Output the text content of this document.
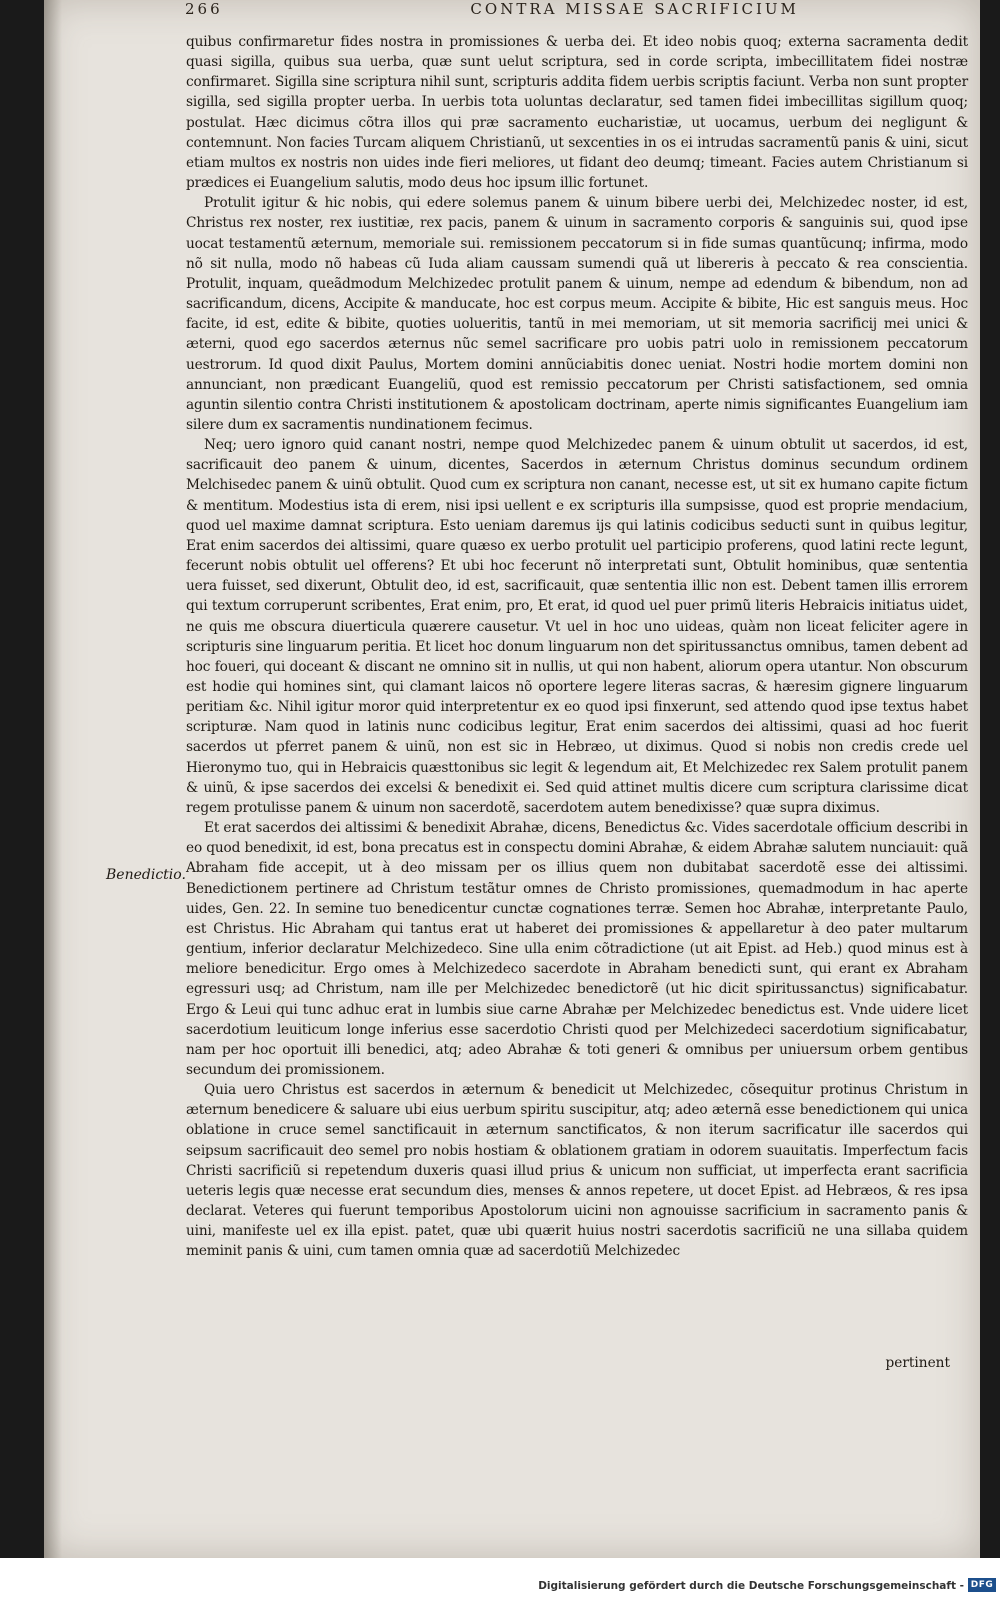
266	CONTRA MISSAE SACRIFICIUM

quibus confirmaretur fides nostra in promissiones & uerba dei. Et ideo nobis quoq; externa sacramenta dedit quasi sigilla, quibus sua uerba, quæ sunt uelut scriptura, sed in corde scripta, imbecillitatem fidei nostræ confirmaret. Sigilla sine scriptura nihil sunt, scripturis addita fidem uerbis scriptis faciunt. Verba non sunt propter sigilla, sed sigilla propter uerba. In uerbis tota uoluntas declaratur, sed tamen fidei imbecillitas sigillum quoq; postulat. Hæc dicimus cõtra illos qui præ sacramento eucharistiæ, ut uocamus, uerbum dei negligunt & contemnunt. Non facies Turcam aliquem Christianũ, ut sexcenties in os ei intrudas sacramentũ panis & uini, sicut etiam multos ex nostris non uides inde fieri meliores, ut fidant deo deumq; timeant. Facies autem Christianum si prædices ei Euangelium salutis, modo deus hoc ipsum illic fortunet.

Protulit igitur & hic nobis, qui edere solemus panem & uinum bibere uerbi dei, Melchizedec noster, id est, Christus rex noster, rex iustitiæ, rex pacis, panem & uinum in sacramento corporis & sanguinis sui, quod ipse uocat testamentũ æternum, memoriale sui. remissionem peccatorum si in fide sumas quantũcunq; infirma, modo nõ sit nulla, modo nõ habeas cũ Iuda aliam caussam sumendi quã ut libereris à peccato & rea conscientia. Protulit, inquam, queãdmodum Melchizedec protulit panem & uinum, nempe ad edendum & bibendum, non ad sacrificandum, dicens, Accipite & manducate, hoc est corpus meum. Accipite & bibite, Hic est sanguis meus. Hoc facite, id est, edite & bibite, quoties uolueritis, tantũ in mei memoriam, ut sit memoria sacrificij mei unici & æterni, quod ego sacerdos æternus nũc semel sacrificare pro uobis patri uolo in remissionem peccatorum uestrorum. Id quod dixit Paulus, Mortem domini annũciabitis donec ueniat. Nostri hodie mortem domini non annunciant, non prædicant Euangeliũ, quod est remissio peccatorum per Christi satisfactionem, sed omnia aguntin silentio contra Christi institutionem & apostolicam doctrinam, aperte nimis significantes Euangelium iam silere dum ex sacramentis nundinationem fecimus.

Neq; uero ignoro quid canant nostri, nempe quod Melchizedec panem & uinum obtulit ut sacerdos, id est, sacrificauit deo panem & uinum, dicentes, Sacerdos in æternum Christus dominus secundum ordinem Melchisedec panem & uinũ obtulit. Quod cum ex scriptura non canant, necesse est, ut sit ex humano capite fictum & mentitum. Modestius ista di erem, nisi ipsi uellent e ex scripturis illa sumpsisse, quod est proprie mendacium, quod uel maxime damnat scriptura. Esto ueniam daremus ijs qui latinis codicibus seducti sunt in quibus legitur, Erat enim sacerdos dei altissimi, quare quæso ex uerbo protulit uel participio proferens, quod latini recte legunt, fecerunt nobis obtulit uel offerens? Et ubi hoc fecerunt nõ interpretati sunt, Obtulit hominibus, quæ sententia uera fuisset, sed dixerunt, Obtulit deo, id est, sacrificauit, quæ sententia illic non est. Debent tamen illis errorem qui textum corruperunt scribentes, Erat enim, pro, Et erat, id quod uel puer primũ literis Hebraicis initiatus uidet, ne quis me obscura diuerticula quærere causetur. Vt uel in hoc uno uideas, quàm non liceat feliciter agere in scripturis sine linguarum peritia. Et licet hoc donum linguarum non det spiritussanctus omnibus, tamen debent ad hoc foueri, qui doceant & discant ne omnino sit in nullis, ut qui non habent, aliorum opera utantur. Non obscurum est hodie qui homines sint, qui clamant laicos nõ oportere legere literas sacras, & hæresim gignere linguarum peritiam &c. Nihil igitur moror quid interpretentur ex eo quod ipsi finxerunt, sed attendo quod ipse textus habet scripturæ. Nam quod in latinis nunc codicibus legitur, Erat enim sacerdos dei altissimi, quasi ad hoc fuerit sacerdos ut pferret panem & uinũ, non est sic in Hebræo, ut diximus. Quod si nobis non credis crede uel Hieronymo tuo, qui in Hebraicis quæsttonibus sic legit & legendum ait, Et Melchizedec rex Salem protulit panem & uinũ, & ipse sacerdos dei excelsi & benedixit ei. Sed quid attinet multis dicere cum scriptura clarissime dicat regem protulisse panem & uinum non sacerdotẽ, sacerdotem autem benedixisse? quæ supra diximus.

Et erat sacerdos dei altissimi & benedixit Abrahæ, dicens, Benedictus &c. Vides sacerdotale officium describi in eo quod benedixit, id est, bona precatus est in conspectu domini Abrahæ, & eidem Abrahæ salutem nunciauit: quã Abraham fide accepit, ut à deo missam per os illius quem non dubitabat sacerdotẽ esse dei altissimi. Benedictionem pertinere ad Christum testãtur omnes de Christo promissiones, quemadmodum in hac aperte uides, Gen. 22. In semine tuo benedicentur cunctæ cognationes terræ. Semen hoc Abrahæ, interpretante Paulo, est Christus. Hic Abraham qui tantus erat ut haberet dei promissiones & appellaretur à deo pater multarum gentium, inferior declaratur Melchizedeco. Sine ulla enim cõtradictione (ut ait Epist. ad Heb.) quod minus est à meliore benedicitur. Ergo omes à Melchizedeco sacerdote in Abraham benedicti sunt, qui erant ex Abraham egressuri usq; ad Christum, nam ille per Melchizedec benedictorẽ (ut hic dicit spiritussanctus) significabatur. Ergo & Leui qui tunc adhuc erat in lumbis siue carne Abrahæ per Melchizedec benedictus est. Vnde uidere licet sacerdotium leuiticum longe inferius esse sacerdotio Christi quod per Melchizedeci sacerdotium significabatur, nam per hoc oportuit illi benedici, atq; adeo Abrahæ & toti generi & omnibus per uniuersum orbem gentibus secundum dei promissionem.

Quia uero Christus est sacerdos in æternum & benedicit ut Melchizedec, cõsequitur protinus Christum in æternum benedicere & saluare ubi eius uerbum spiritu suscipitur, atq; adeo æternã esse benedictionem qui unica oblatione in cruce semel sanctificauit in æternum sanctificatos, & non iterum sacrificatur ille sacerdos qui seipsum sacrificauit deo semel pro nobis hostiam & oblationem gratiam in odorem suauitatis. Imperfectum facis Christi sacrificiũ si repetendum duxeris quasi illud prius & unicum non sufficiat, ut imperfecta erant sacrificia ueteris legis quæ necesse erat secundum dies, menses & annos repetere, ut docet Epist. ad Hebræos, & res ipsa declarat. Veteres qui fuerunt temporibus Apostolorum uicini non agnouisse sacrificium in sacramento panis & uini, manifeste uel ex illa epist. patet, quæ ubi quærit huius nostri sacerdotis sacrificiũ ne una sillaba quidem meminit panis & uini, cum tamen omnia quæ ad sacerdotiũ Melchizedec

Benedictio.
pertinent
Digitalisierung gefördert durch die Deutsche Forschungsgemeinschaft - DFG
